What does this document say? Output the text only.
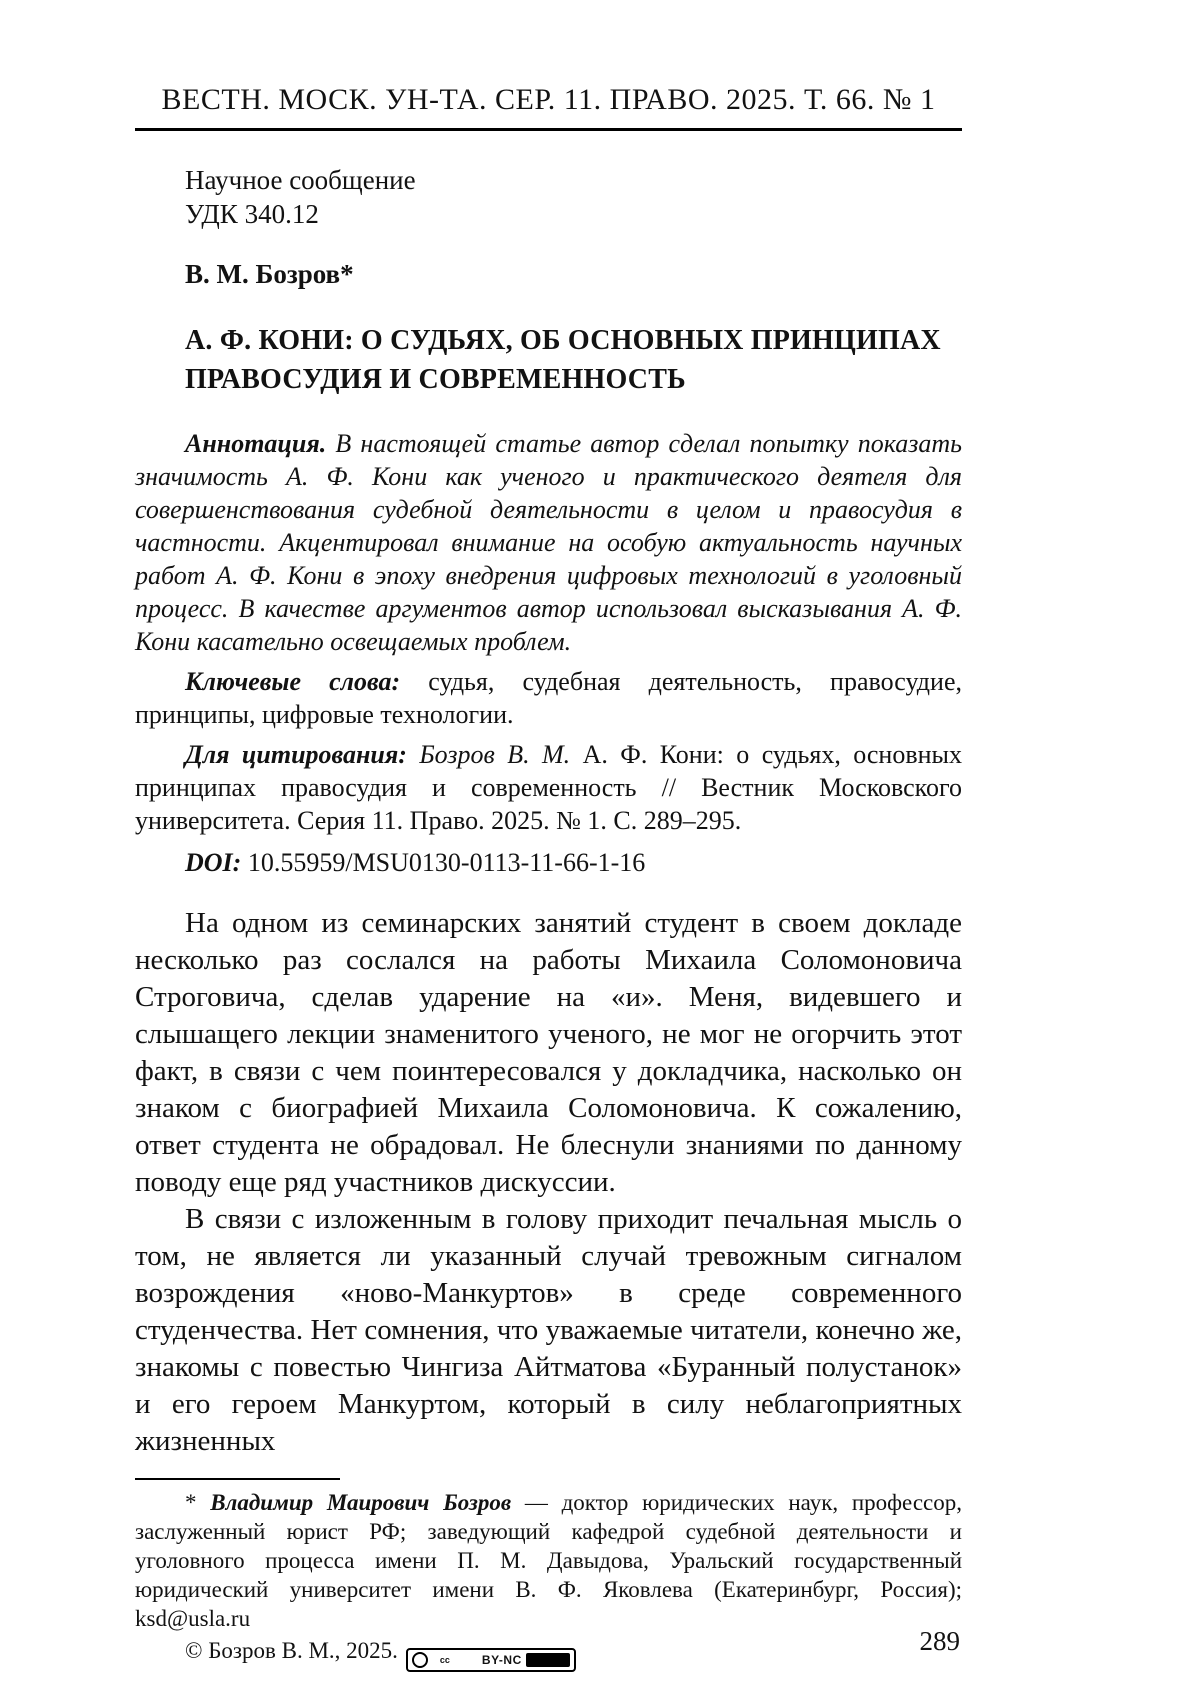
ВЕСТН. МОСК. УН-ТА. СЕР. 11. ПРАВО. 2025. Т. 66. № 1

Научное сообщение

УДК 340.12

В. М. Бозров*

А. Ф. КОНИ: О СУДЬЯХ, ОБ ОСНОВНЫХ ПРИНЦИПАХ ПРАВОСУДИЯ И СОВРЕМЕННОСТЬ

Аннотация. В настоящей статье автор сделал попытку показать значимость А. Ф. Кони как ученого и практического деятеля для совершенствования судебной деятельности в целом и правосудия в частности. Акцентировал внимание на особую актуальность научных работ А. Ф. Кони в эпоху внедрения цифровых технологий в уголовный процесс. В качестве аргументов автор использовал высказывания А. Ф. Кони касательно освещаемых проблем.

Ключевые слова: судья, судебная деятельность, правосудие, принципы, цифровые технологии.

Для цитирования: Бозров В. М. А. Ф. Кони: о судьях, основных принципах правосудия и современность // Вестник Московского университета. Серия 11. Право. 2025. № 1. С. 289–295.

DOI: 10.55959/MSU0130-0113-11-66-1-16

На одном из семинарских занятий студент в своем докладе несколько раз сослался на работы Михаила Соломоновича Строговича, сделав ударение на «и». Меня, видевшего и слышащего лекции знаменитого ученого, не мог не огорчить этот факт, в связи с чем поинтересовался у докладчика, насколько он знаком с биографией Михаила Соломоновича. К сожалению, ответ студента не обрадовал. Не блеснули знаниями по данному поводу еще ряд участников дискуссии.

В связи с изложенным в голову приходит печальная мысль о том, не является ли указанный случай тревожным сигналом возрождения «ново-Манкуртов» в среде современного студенчества. Нет сомнения, что уважаемые читатели, конечно же, знакомы с повестью Чингиза Айтматова «Буранный полустанок» и его героем Манкуртом, который в силу неблагоприятных жизненных

* Владимир Маирович Бозров — доктор юридических наук, профессор, заслуженный юрист РФ; заведующий кафедрой судебной деятельности и уголовного процесса имени П. М. Давыдова, Уральский государственный юридический университет имени В. Ф. Яковлева (Екатеринбург, Россия); ksd@usla.ru

© Бозров В. М., 2025.	cc	BY-NC

289
